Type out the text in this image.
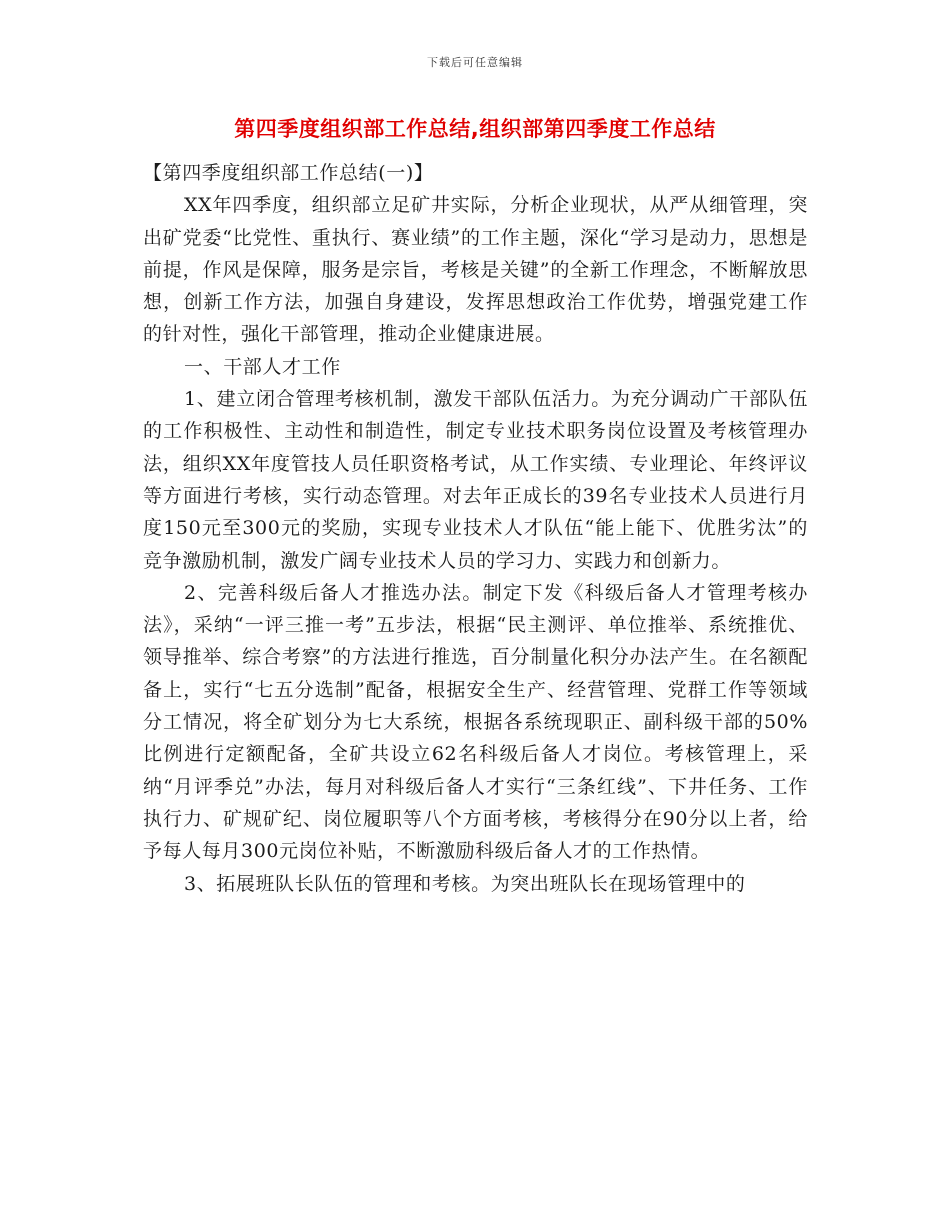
下载后可任意编辑
第四季度组织部工作总结,组织部第四季度工作总结

【第四季度组织部工作总结(一)】

XX年四季度，组织部立足矿井实际，分析企业现状，从严从细管理，突出矿党委“比党性、重执行、赛业绩”的工作主题，深化“学习是动力，思想是前提，作风是保障，服务是宗旨，考核是关键”的全新工作理念，不断解放思想，创新工作方法，加强自身建设，发挥思想政治工作优势，增强党建工作的针对性，强化干部管理，推动企业健康进展。

一、干部人才工作

1、建立闭合管理考核机制，激发干部队伍活力。为充分调动广干部队伍的工作积极性、主动性和制造性，制定专业技术职务岗位设置及考核管理办法，组织XX年度管技人员任职资格考试，从工作实绩、专业理论、年终评议等方面进行考核，实行动态管理。对去年正成长的39名专业技术人员进行月度150元至300元的奖励，实现专业技术人才队伍“能上能下、优胜劣汰”的竞争激励机制，激发广阔专业技术人员的学习力、实践力和创新力。

2、完善科级后备人才推选办法。制定下发《科级后备人才管理考核办法》，采纳“一评三推一考”五步法，根据“民主测评、单位推举、系统推优、领导推举、综合考察”的方法进行推选，百分制量化积分办法产生。在名额配备上，实行“七五分选制”配备，根据安全生产、经营管理、党群工作等领域分工情况，将全矿划分为七大系统，根据各系统现职正、副科级干部的50%比例进行定额配备，全矿共设立62名科级后备人才岗位。考核管理上，采纳“月评季兑”办法，每月对科级后备人才实行“三条红线”、下井任务、工作执行力、矿规矿纪、岗位履职等八个方面考核，考核得分在90分以上者，给予每人每月300元岗位补贴，不断激励科级后备人才的工作热情。

3、拓展班队长队伍的管理和考核。为突出班队长在现场管理中的
